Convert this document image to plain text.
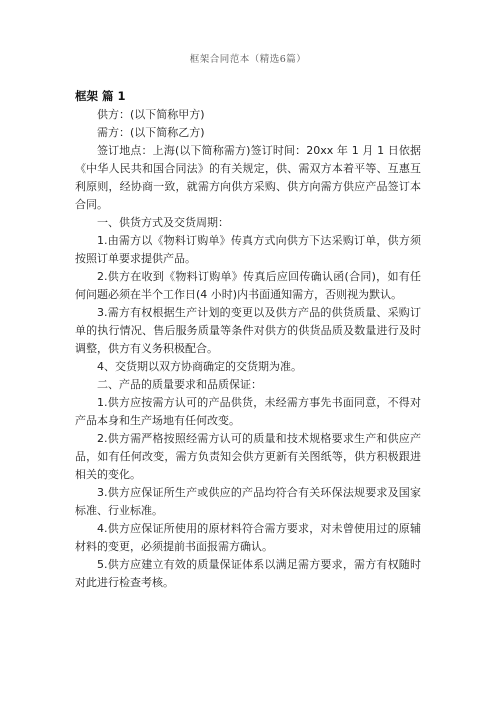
框架合同范本（精选6篇）
框架 篇 1

供方：(以下简称甲方)

需方：(以下简称乙方)

签订地点：上海(以下简称需方)签订时间：20xx 年 1 月 1 日依据《中华人民共和国合同法》的有关规定，供、需双方本着平等、互惠互利原则，经协商一致，就需方向供方采购、供方向需方供应产品签订本合同。

一、供货方式及交货周期：

1.由需方以《物料订购单》传真方式向供方下达采购订单，供方须按照订单要求提供产品。

2.供方在收到《物料订购单》传真后应回传确认函(合同)，如有任何问题必须在半个工作日(4 小时)内书面通知需方，否则视为默认。

3.需方有权根据生产计划的变更以及供方产品的供货质量、采购订单的执行情况、售后服务质量等条件对供方的供货品质及数量进行及时调整，供方有义务积极配合。

4、交货期以双方协商确定的交货期为准。

二、产品的质量要求和品质保证：

1.供方应按需方认可的产品供货，未经需方事先书面同意，不得对产品本身和生产场地有任何改变。

2.供方需严格按照经需方认可的质量和技术规格要求生产和供应产品，如有任何改变，需方负责知会供方更新有关图纸等，供方积极跟进相关的变化。

3.供方应保证所生产或供应的产品均符合有关环保法规要求及国家标准、行业标准。

4.供方应保证所使用的原材料符合需方要求，对未曾使用过的原辅材料的变更，必须提前书面报需方确认。

5.供方应建立有效的质量保证体系以满足需方要求，需方有权随时对此进行检查考核。
